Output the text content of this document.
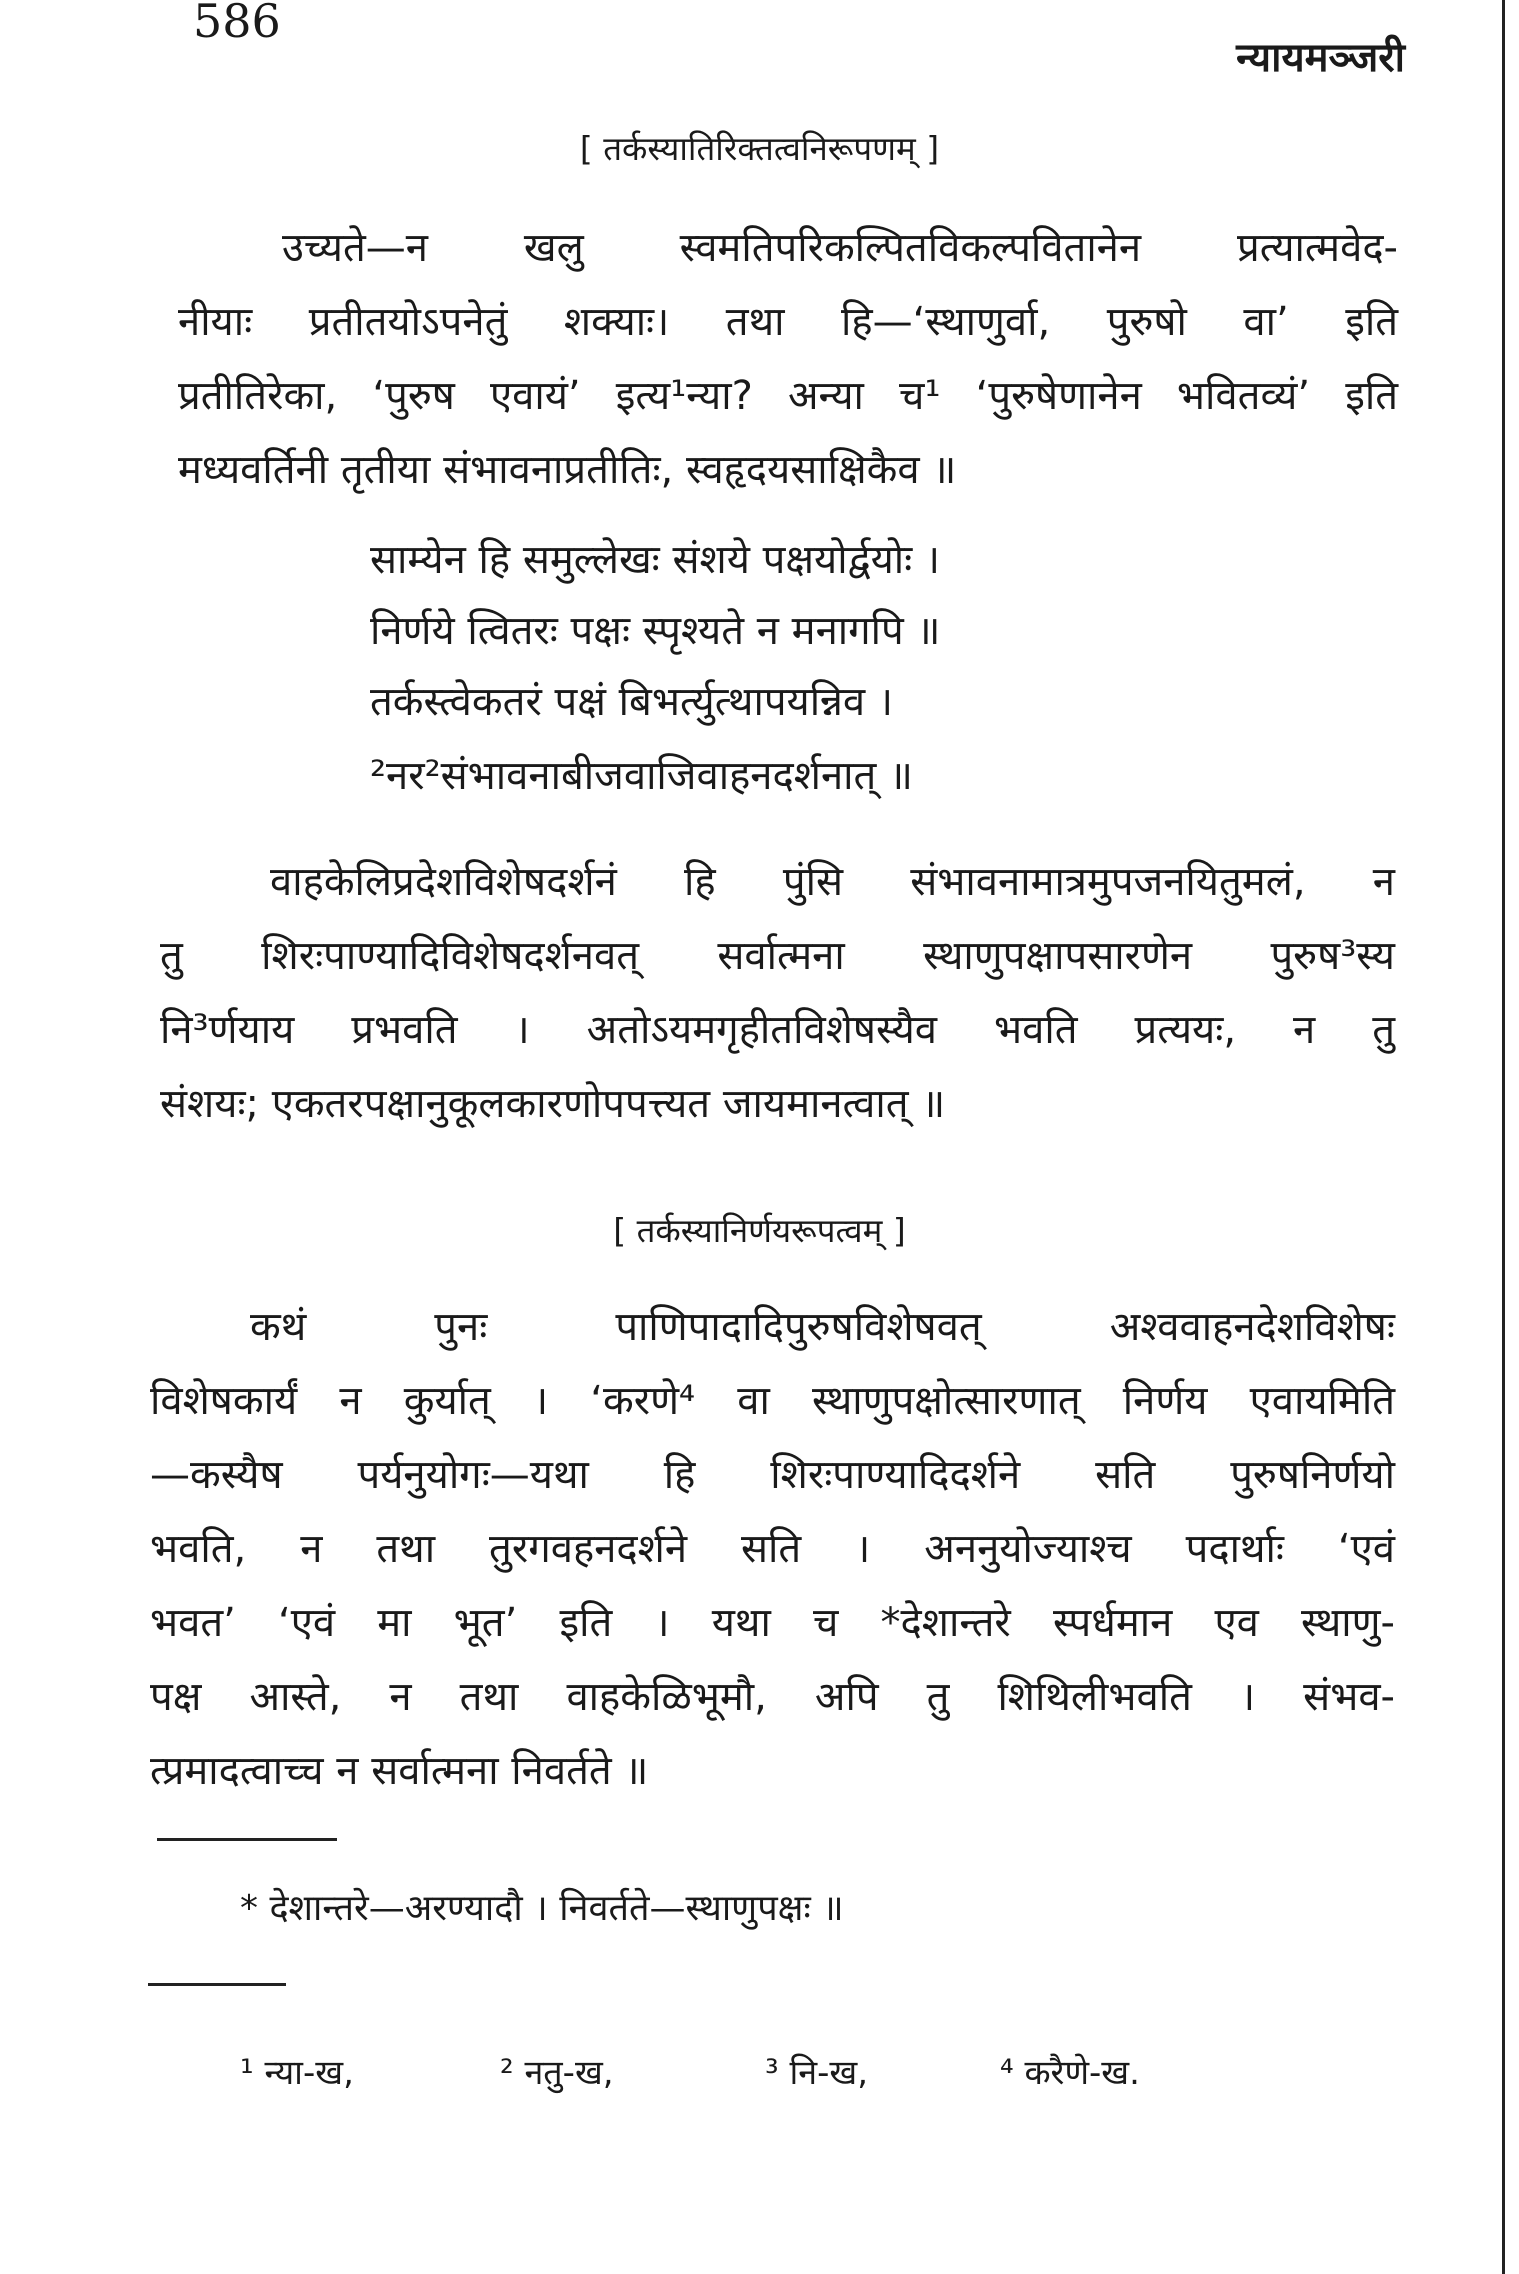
586
न्यायमञ्जरी
[ तर्कस्यातिरिक्तत्वनिरूपणम् ]
उच्यते—न खलु स्वमतिपरिकल्पितविकल्पवितानेन प्रत्यात्मवेद-
नीयाः प्रतीतयोऽपनेतुं शक्याः। तथा हि—‘स्थाणुर्वा, पुरुषो वा’ इति
प्रतीतिरेका, ‘पुरुष एवायं’ इत्य¹न्या? अन्या च¹ ‘पुरुषेणानेन भवितव्यं’ इति
मध्यवर्तिनी तृतीया संभावनाप्रतीतिः, स्वहृदयसाक्षिकैव ॥
साम्येन हि समुल्लेखः संशये पक्षयोर्द्वयोः ।
निर्णये त्वितरः पक्षः स्पृश्यते न मनागपि ॥
तर्कस्त्वेकतरं पक्षं बिभर्त्युत्थापयन्निव ।
²नर²संभावनाबीजवाजिवाहनदर्शनात् ॥
वाहकेलिप्रदेशविशेषदर्शनं हि पुंसि संभावनामात्रमुपजनयितुमलं, न
तु शिरःपाण्यादिविशेषदर्शनवत् सर्वात्मना स्थाणुपक्षापसारणेन पुरुष³स्य
नि³र्णयाय प्रभवति । अतोऽयमगृहीतविशेषस्यैव भवति प्रत्ययः, न तु
संशयः; एकतरपक्षानुकूलकारणोपपत्त्यत जायमानत्वात् ॥
[ तर्कस्यानिर्णयरूपत्वम् ]
कथं पुनः पाणिपादादिपुरुषविशेषवत् अश्ववाहनदेशविशेषः
विशेषकार्यं न कुर्यात् । ‘करणे⁴ वा स्थाणुपक्षोत्सारणात् निर्णय एवायमिति
—कस्यैष पर्यनुयोगः—यथा हि शिरःपाण्यादिदर्शने सति पुरुषनिर्णयो
भवति, न तथा तुरगवहनदर्शने सति । अननुयोज्याश्च पदार्थाः ‘एवं
भवत’ ‘एवं मा भूत’ इति । यथा च *देशान्तरे स्पर्धमान एव स्थाणु-
पक्ष आस्ते, न तथा वाहकेळिभूमौ, अपि तु शिथिलीभवति । संभव-
त्प्रमादत्वाच्च न सर्वात्मना निवर्तते ॥
* देशान्तरे—अरण्यादौ । निवर्तते—स्थाणुपक्षः ॥
¹ न्या-ख,	² नतु-ख,	³ नि-ख,	⁴ करैणे-ख.
